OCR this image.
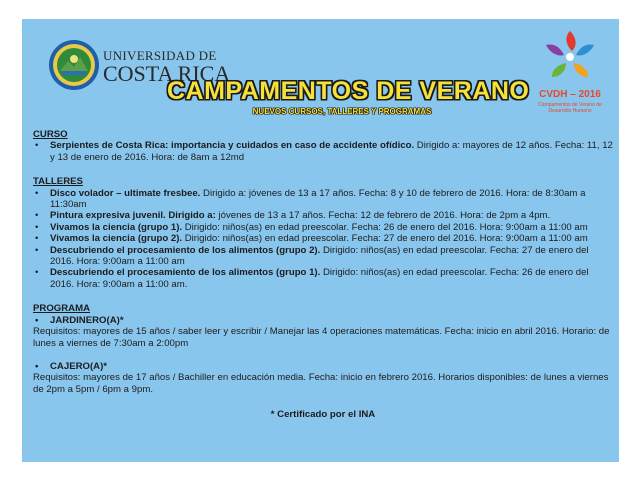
UNIVERSIDAD DE
COSTA RICA
CAMPAMENTOS DE VERANO
NUEVOS CURSOS, TALLERES Y PROGRAMAS
CVDH – 2016
Campamentos de Verano de Desarrollo Humano
CURSO
• Serpientes de Costa Rica: importancia y cuidados en caso de accidente ofídico. Dirigido a: mayores de 12 años. Fecha: 11, 12 y 13 de enero de 2016. Hora: de 8am a 12md
TALLERES
• Disco volador – ultimate fresbee. Dirigido a: jóvenes de 13 a 17 años. Fecha: 8 y 10 de febrero de 2016. Hora: de 8:30am a 11:30am
• Pintura expresiva juvenil. Dirigido a: jóvenes de 13 a 17 años. Fecha: 12 de febrero de 2016. Hora: de 2pm a 4pm.
• Vivamos la ciencia (grupo 1). Dirigido: niños(as) en edad preescolar. Fecha: 26 de enero del 2016. Hora: 9:00am a 11:00 am
• Vivamos la ciencia (grupo 2). Dirigido: niños(as) en edad preescolar. Fecha: 27 de enero del 2016. Hora: 9:00am a 11:00 am
• Descubriendo el procesamiento de los alimentos (grupo 2). Dirigido: niños(as) en edad preescolar. Fecha: 27 de enero del 2016. Hora: 9:00am a 11:00 am
• Descubriendo el procesamiento de los alimentos (grupo 1). Dirigido: niños(as) en edad preescolar. Fecha: 26 de enero del 2016. Hora: 9:00am a 11:00 am.
PROGRAMA
• JARDINERO(A)*
Requisitos: mayores de 15 años / saber leer y escribir / Manejar las 4 operaciones matemáticas. Fecha: inicio en abril 2016. Horario: de lunes a viernes de 7:30am a 2:00pm
• CAJERO(A)*
Requisitos: mayores de 17 años / Bachiller en educación media. Fecha: inicio en febrero 2016. Horarios disponibles: de lunes a viernes de 2pm a 5pm / 6pm a 9pm.
* Certificado por el INA
